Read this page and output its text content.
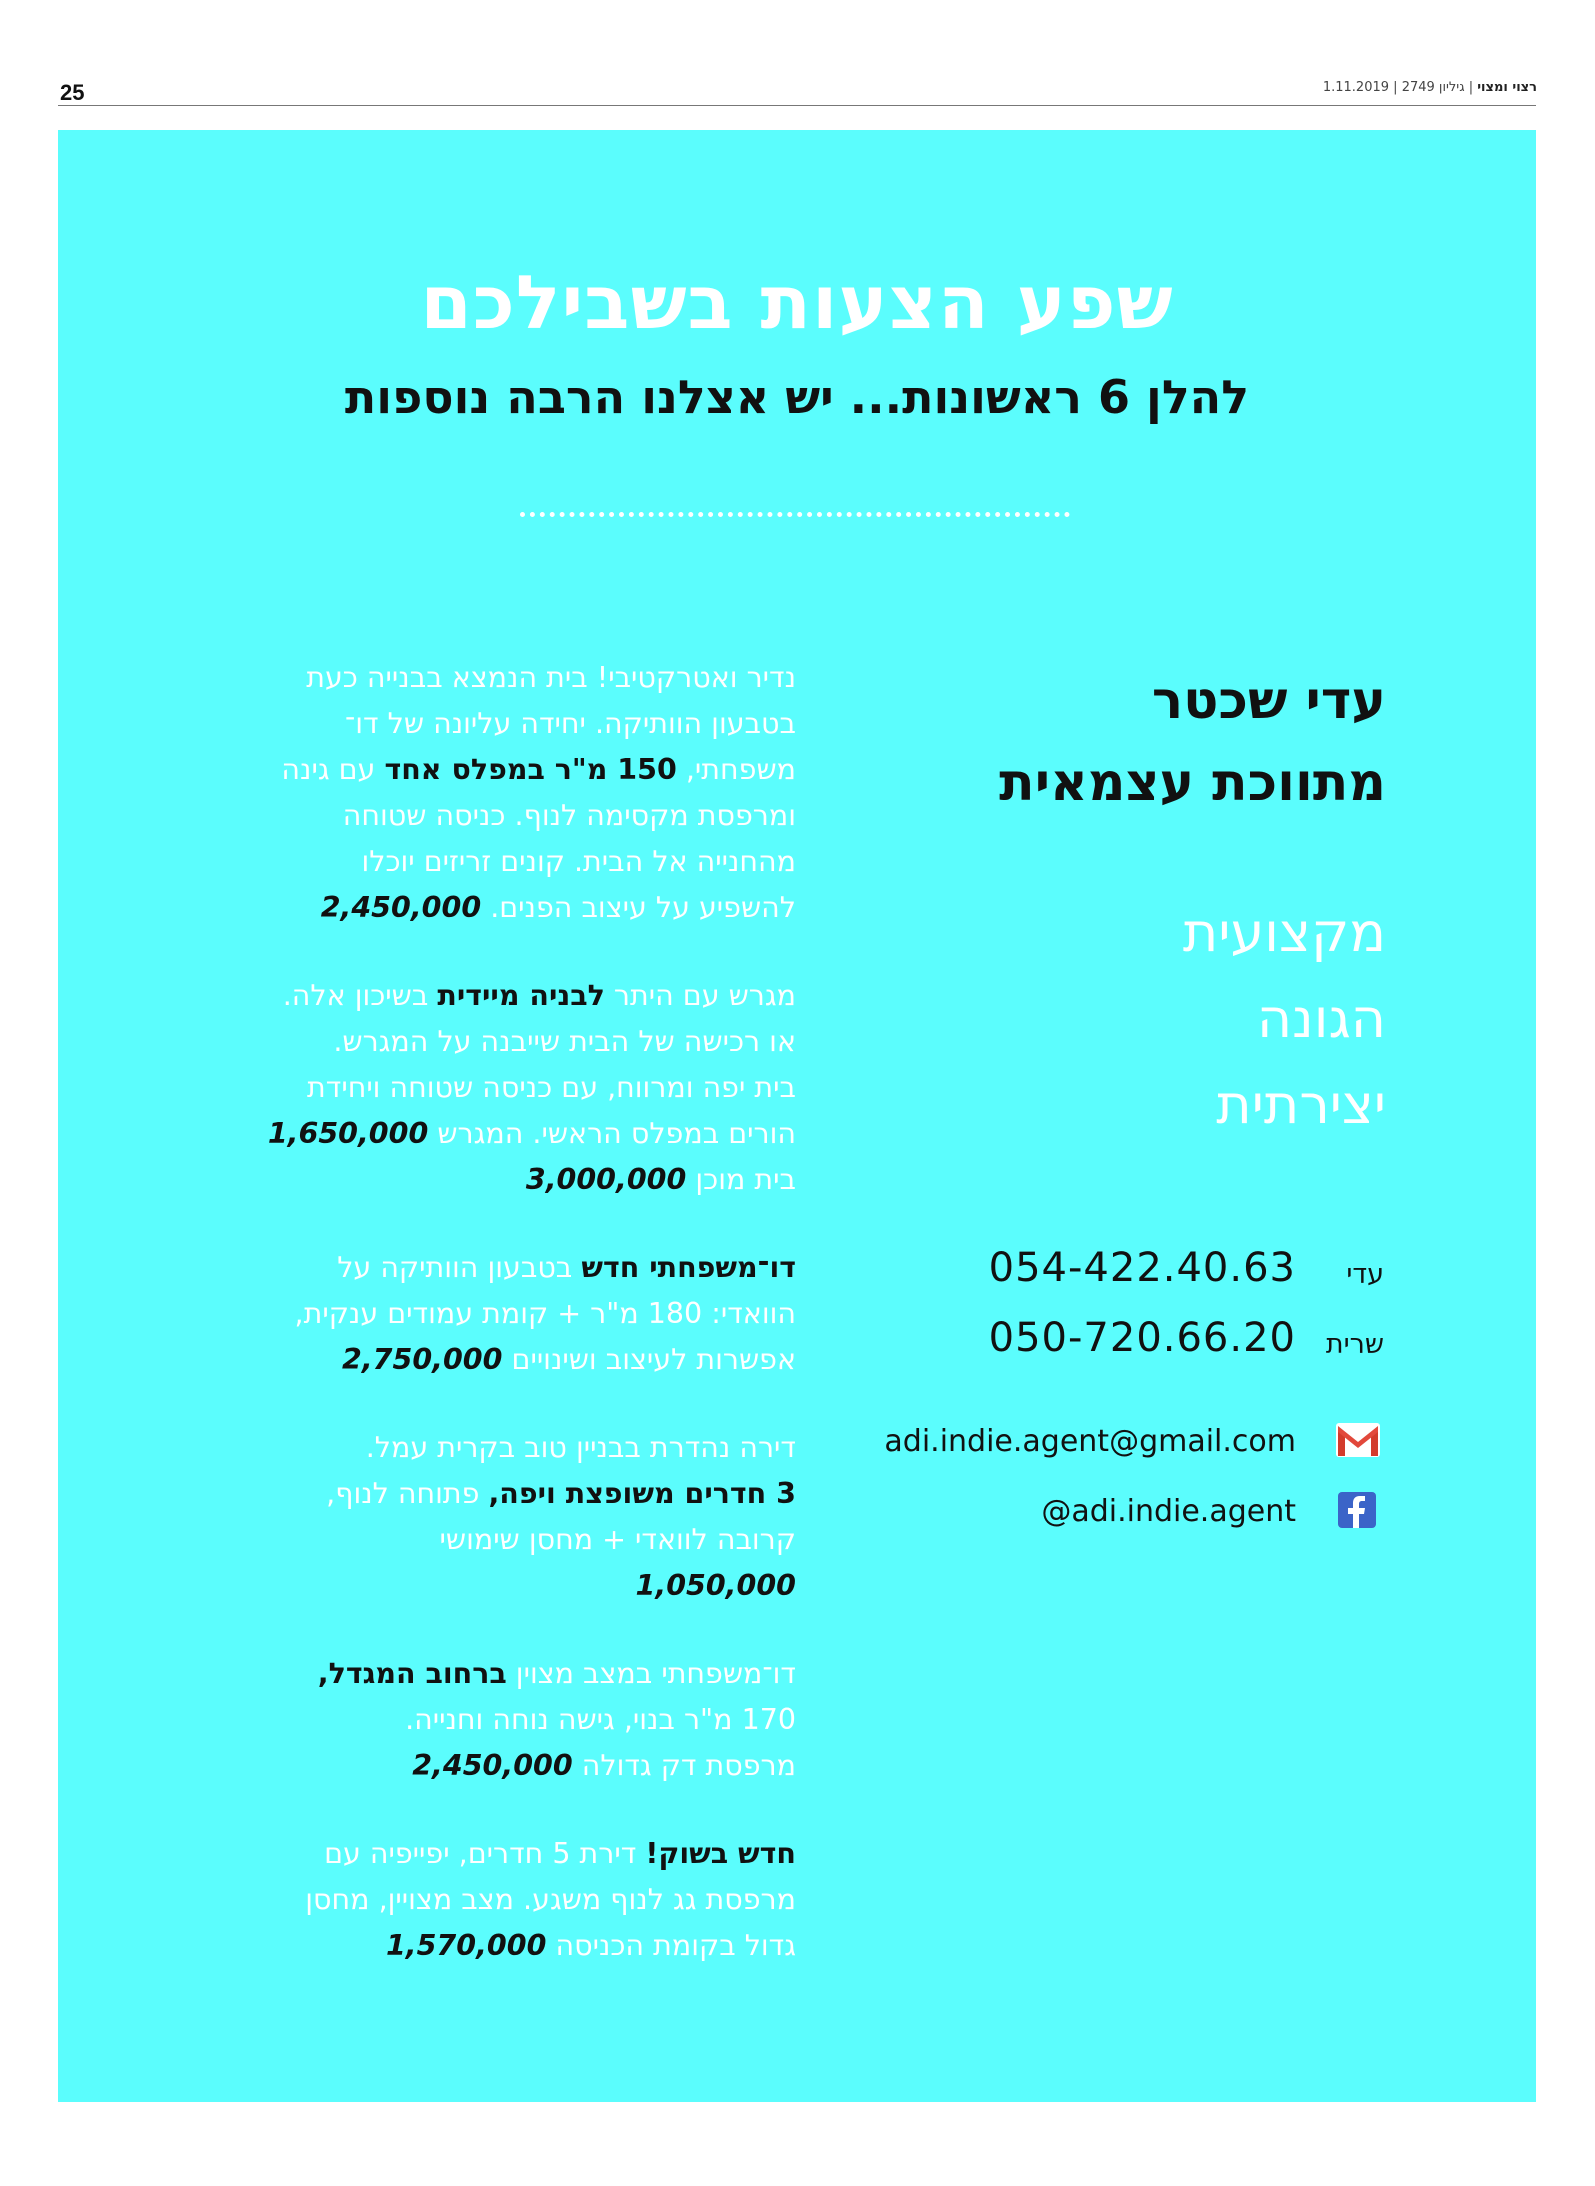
25	רצוי ומצוי | גיליון 2749 | 1.11.2019
שפע הצעות בשבילכם
להלן 6 ראשונות... יש אצלנו הרבה נוספות
עדי שכטר
מתווכת עצמאית
מקצועית
הגונה
יצירתית
עדי
054-422.40.63
שרית
050-720.66.20
adi.indie.agent@gmail.com
@adi.indie.agent

נדיר ואטרקטיבי! בית הנמצא בבנייה כעת

בטבעון הוותיקה. יחידה עליונה של דו־

משפחתי, 150 מ"ר במפלס אחד עם גינה

ומרפסת מקסימה לנוף. כניסה שטוחה

מהחנייה אל הבית. קונים זריזים יוכלו

להשפיע על עיצוב הפנים. 2,450,000

מגרש עם היתר לבניה מיידית בשיכון אלה.

או רכישה של הבית שייבנה על המגרש.

בית יפה ומרווח, עם כניסה שטוחה ויחידת

הורים במפלס הראשי. המגרש 1,650,000

בית מוכן 3,000,000

דו־משפחתי חדש בטבעון הוותיקה על

הוואדי: 180 מ"ר + קומת עמודים ענקית,

אפשרות לעיצוב ושינויים 2,750,000

דירה נהדרת בבניין טוב בקרית עמל.

3 חדרים משופצת ויפה, פתוחה לנוף,

קרובה לוואדי + מחסן שימושי

1,050,000

דו־משפחתי במצב מצוין ברחוב המגדל,

170 מ"ר בנוי, גישה נוחה וחנייה.

מרפסת דק גדולה 2,450,000

חדש בשוק! דירת 5 חדרים, יפייפיה עם

מרפסת גג לנוף משגע. מצב מצויין, מחסן

גדול בקומת הכניסה 1,570,000
